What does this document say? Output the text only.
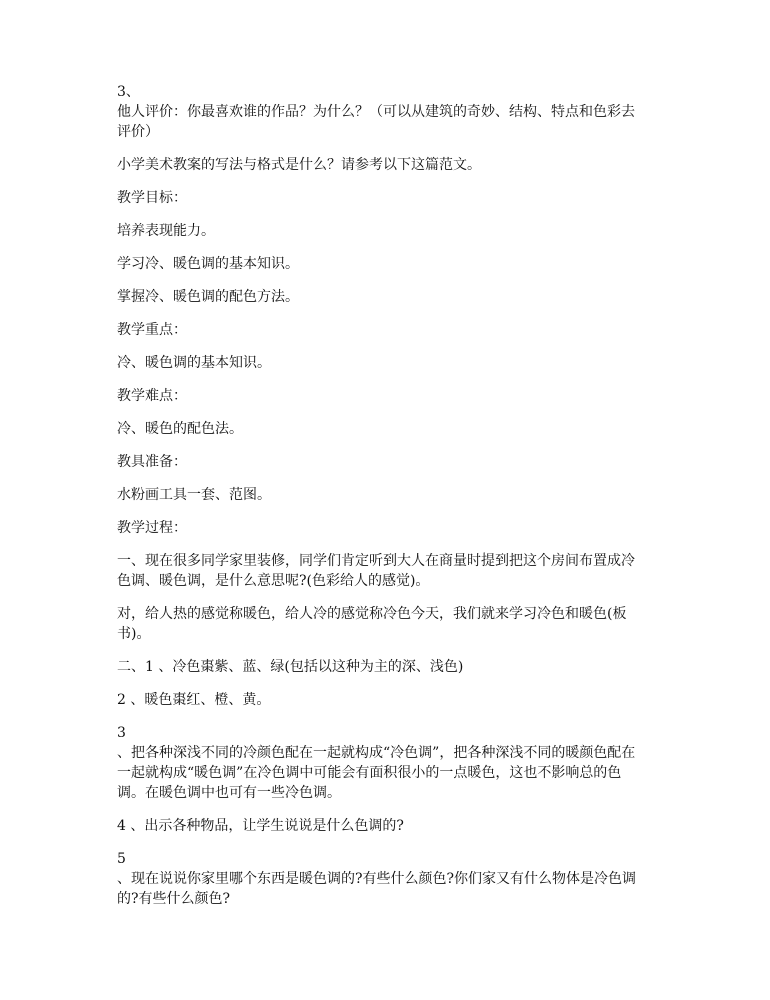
3、
他人评价：你最喜欢谁的作品？为什么？（可以从建筑的奇妙、结构、特点和色彩去评价）

小学美术教案的写法与格式是什么？请参考以下这篇范文。

教学目标：

培养表现能力。

学习冷、暖色调的基本知识。

掌握冷、暖色调的配色方法。

教学重点：

冷、暖色调的基本知识。

教学难点：

冷、暖色的配色法。

教具准备：

水粉画工具一套、范图。

教学过程：

一、现在很多同学家里装修，同学们肯定听到大人在商量时提到把这个房间布置成冷色调、暖色调，是什么意思呢?(色彩给人的感觉)。

对，给人热的感觉称暖色，给人冷的感觉称冷色今天，我们就来学习冷色和暖色(板书)。

二、1 、冷色棗紫、蓝、绿(包括以这种为主的深、浅色)

2 、暖色棗红、橙、黄。

3
、把各种深浅不同的冷颜色配在一起就构成“冷色调”，把各种深浅不同的暖颜色配在一起就构成“暖色调”在冷色调中可能会有面积很小的一点暖色，这也不影响总的色调。在暖色调中也可有一些冷色调。

4 、出示各种物品，让学生说说是什么色调的?

5
、现在说说你家里哪个东西是暖色调的?有些什么颜色?你们家又有什么物体是冷色调的?有些什么颜色?
